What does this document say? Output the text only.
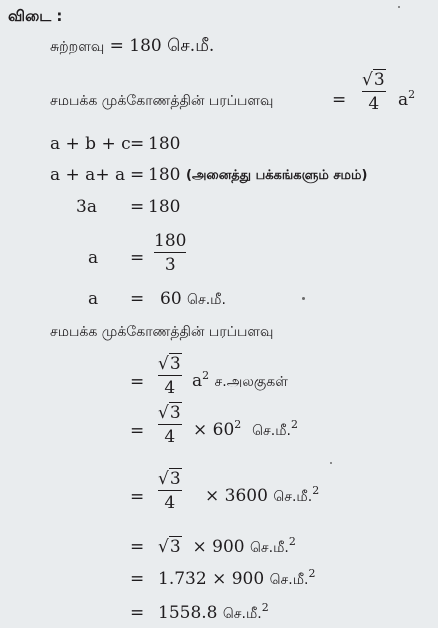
விடை :
சுற்றளவு = 180 செ.மீ.
சமபக்க முக்கோணத்தின் பரப்பளவு	=
√3
4 $a^2$
a + b + c = 180
a + a+ a = 180 (அனைத்து பக்கங்களும் சமம்)
3a = 180
a =
180
3
a = 60 செ.மீ.
சமபக்க முக்கோணத்தின் பரப்பளவு
=
√3
4 $a^2$ ச.அலகுகள்
=
√3
$4 \times 60^2$ செ.மீ.$^2$
=
√3
4 × 3600 செ.மீ.$^2$
= √3 × 900 செ.மீ.$^2$
= 1.732 × 900 செ.மீ.$^2$
= 1558.8 செ.மீ.$^2$
